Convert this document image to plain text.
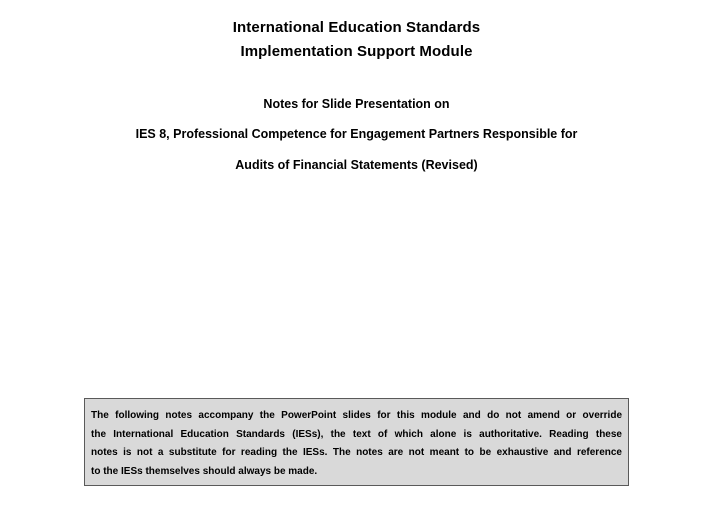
International Education Standards
Implementation Support Module
Notes for Slide Presentation on
IES 8, Professional Competence for Engagement Partners Responsible for
Audits of Financial Statements (Revised)
The following notes accompany the PowerPoint slides for this module and do not amend or override
the International Education Standards (IESs), the text of which alone is authoritative. Reading these
notes is not a substitute for reading the IESs. The notes are not meant to be exhaustive and reference
to the IESs themselves should always be made.
